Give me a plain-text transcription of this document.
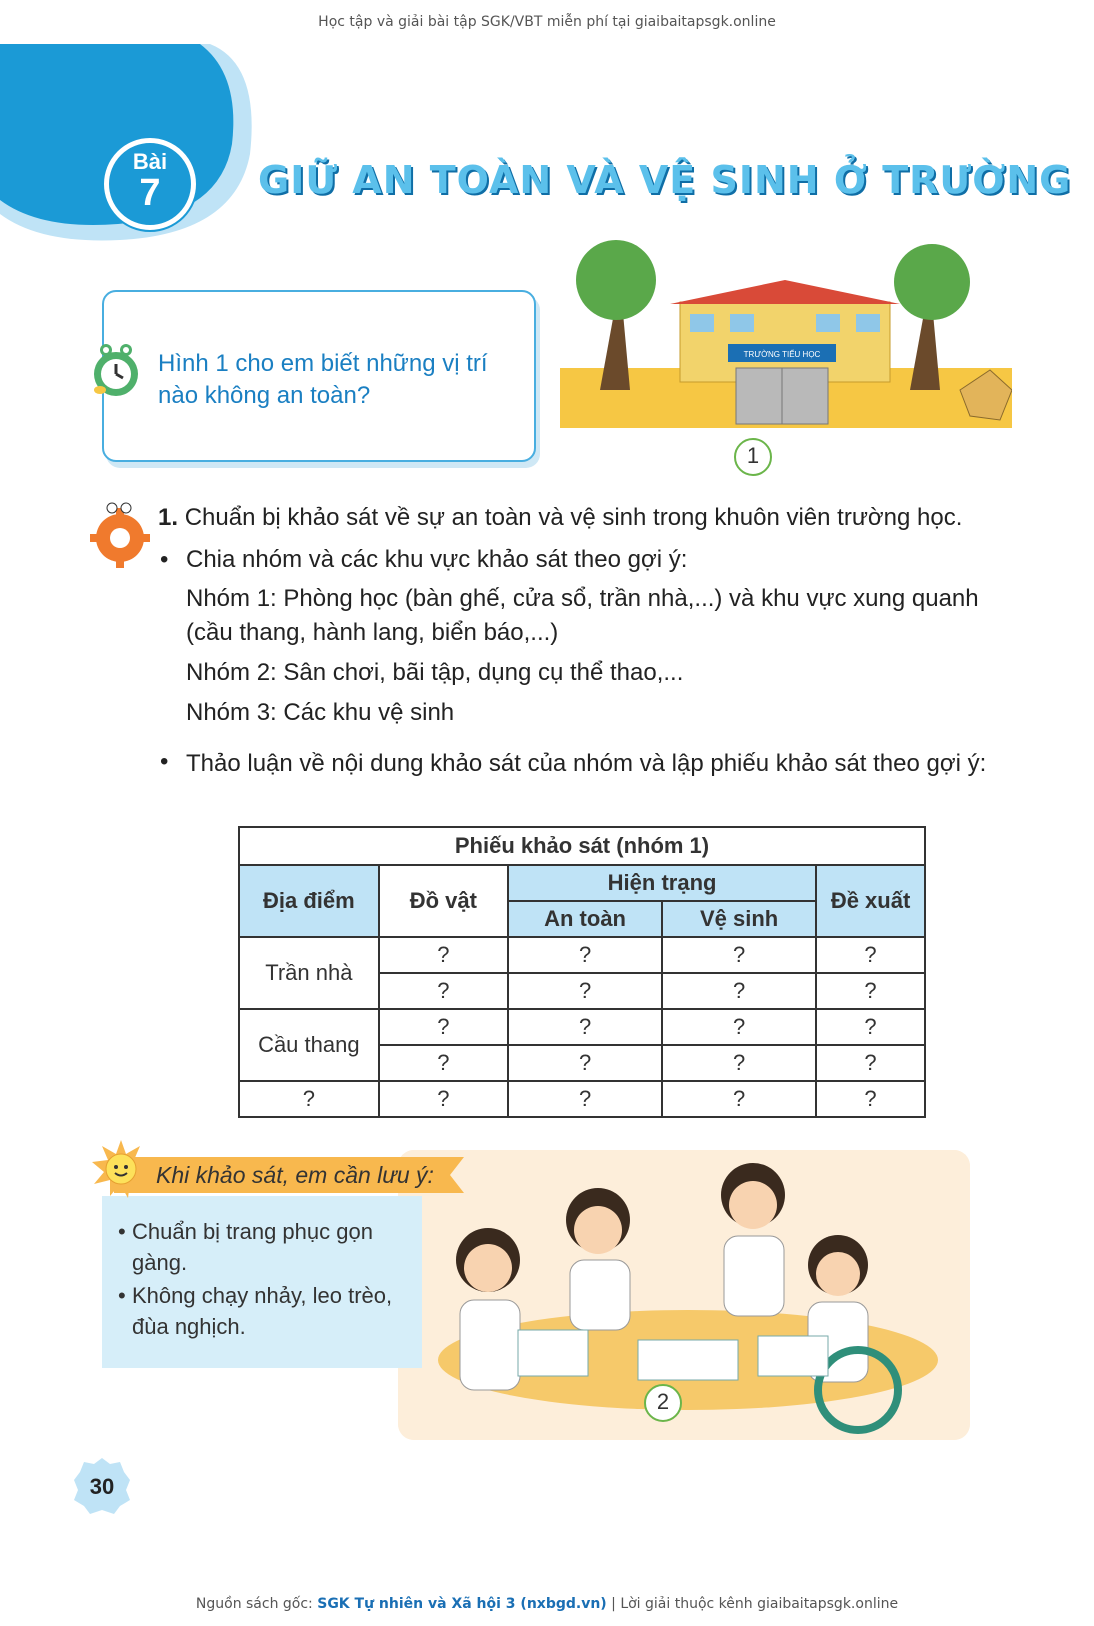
Học tập và giải bài tập SGK/VBT miễn phí tại giaibaitapsgk.online
Bài
7	GIỮ AN TOÀN VÀ VỆ SINH Ở TRƯỜNG
Hình 1 cho em biết những vị trí nào không an toàn?
TRƯỜNG TIỂU HỌC
1
1. Chuẩn bị khảo sát về sự an toàn và vệ sinh trong khuôn viên trường học.
• Chia nhóm và các khu vực khảo sát theo gợi ý:
Nhóm 1: Phòng học (bàn ghế, cửa sổ, trần nhà,...) và khu vực xung quanh (cầu thang, hành lang, biển báo,...)
Nhóm 2: Sân chơi, bãi tập, dụng cụ thể thao,...
Nhóm 3: Các khu vệ sinh
• Thảo luận về nội dung khảo sát của nhóm và lập phiếu khảo sát theo gợi ý:
Phiếu khảo sát (nhóm 1)				
Địa điểm	Đồ vật	Hiện trạng		Đề xuất
		An toàn	Vệ sinh	
Trần nhà	?	?	?	?
	?	?	?	?
Cầu thang	?	?	?	?
	?	?	?	?
?	?	?	?	?
2
Khi khảo sát, em cần lưu ý:
• Chuẩn bị trang phục gọn gàng.
• Không chạy nhảy, leo trèo, đùa nghịch.
30
Nguồn sách gốc: SGK Tự nhiên và Xã hội 3 (nxbgd.vn) | Lời giải thuộc kênh giaibaitapsgk.online
